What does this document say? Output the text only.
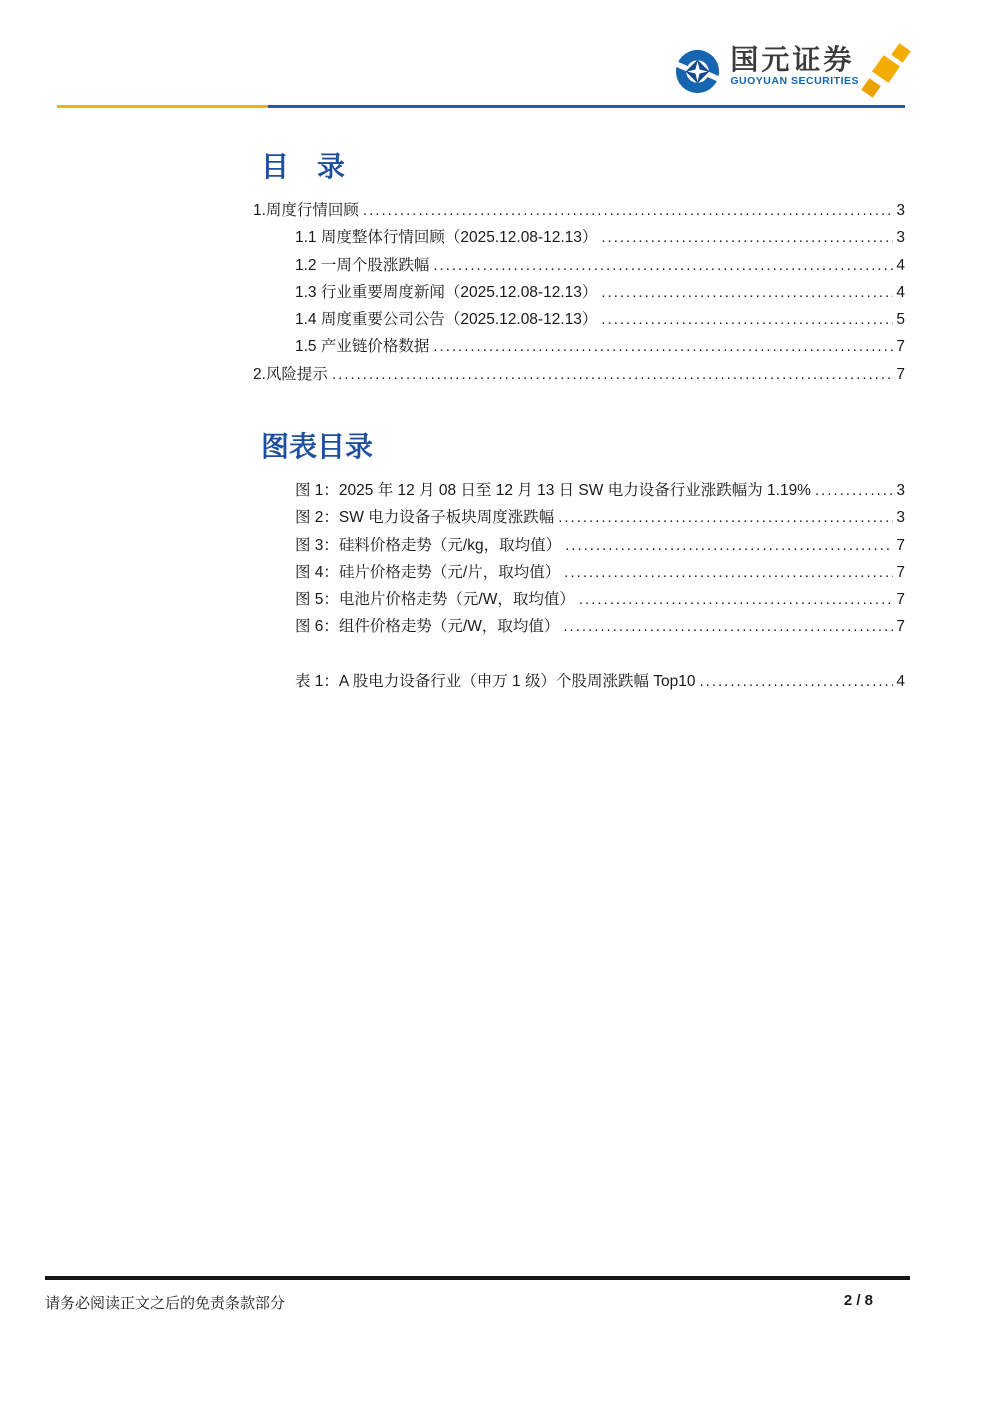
国元证券
GUOYUAN SECURITIES
目　录
1.周度行情回顾 .....	3
1.1 周度整体行情回顾（2025.12.08-12.13） .....	3
1.2 一周个股涨跌幅 .....	4
1.3 行业重要周度新闻（2025.12.08-12.13） .....	4
1.4 周度重要公司公告（2025.12.08-12.13） .....	5
1.5 产业链价格数据 .....	7
2.风险提示 .....	7
图表目录
图 1：2025 年 12 月 08 日至 12 月 13 日 SW 电力设备行业涨跌幅为 1.19% .....	3
图 2：SW 电力设备子板块周度涨跌幅 .....	3
图 3：硅料价格走势（元/kg，取均值） .....	7
图 4：硅片价格走势（元/片，取均值） .....	7
图 5：电池片价格走势（元/W，取均值） .....	7
图 6：组件价格走势（元/W，取均值） .....	7
表 1：A 股电力设备行业（申万 1 级）个股周涨跌幅 Top10 .....	4
请务必阅读正文之后的免责条款部分	2 / 8
